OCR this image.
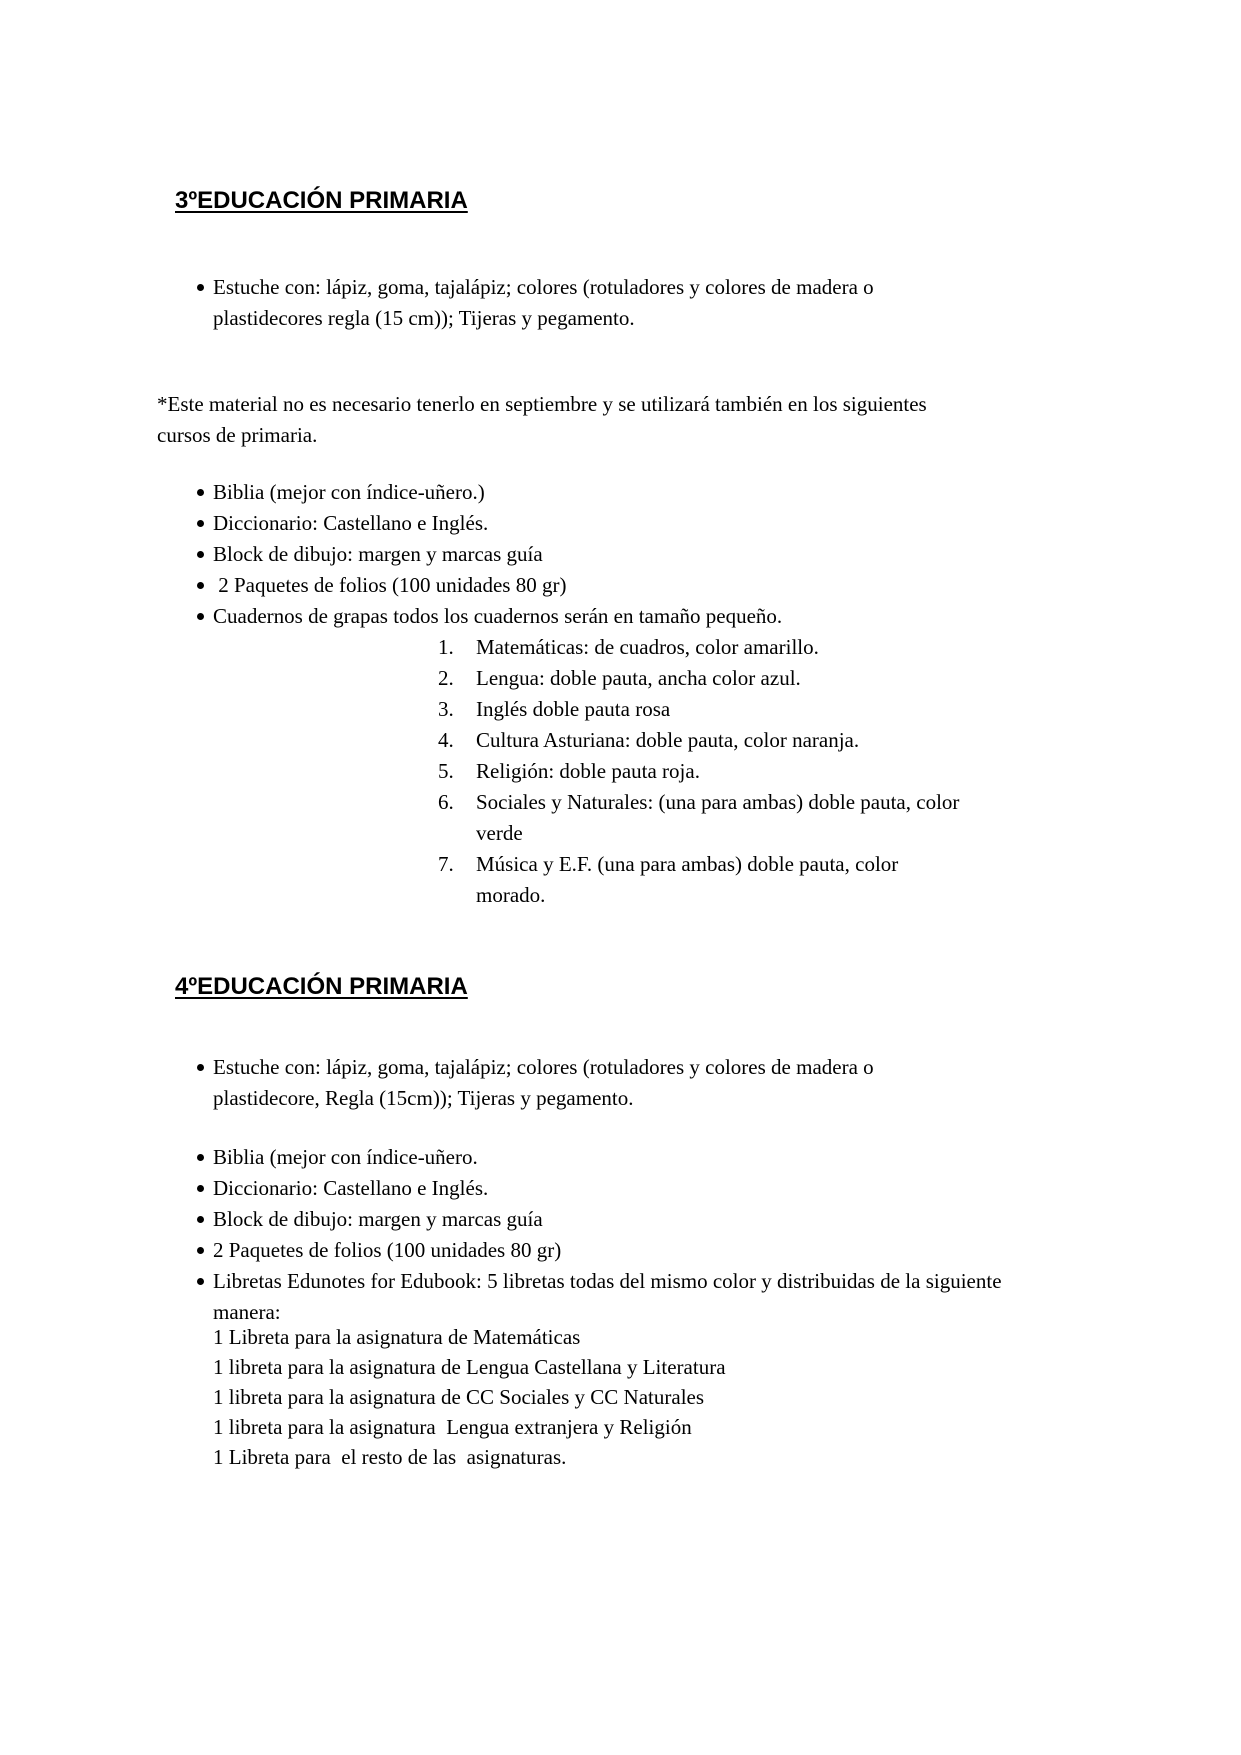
3ºEDUCACIÓN PRIMARIA
Estuche con: lápiz, goma, tajalápiz; colores (rotuladores y colores de madera o
plastidecores regla (15 cm)); Tijeras y pegamento.
*Este material no es necesario tenerlo en septiembre y se utilizará también en los siguientes
cursos de primaria.
Biblia (mejor con índice-uñero.)
Diccionario: Castellano e Inglés.
Block de dibujo: margen y marcas guía
2 Paquetes de folios (100 unidades 80 gr)
Cuadernos de grapas todos los cuadernos serán en tamaño pequeño.
1.	Matemáticas: de cuadros, color amarillo.
2.	Lengua: doble pauta, ancha color azul.
3.	Inglés doble pauta rosa
4.	Cultura Asturiana: doble pauta, color naranja.
5.	Religión: doble pauta roja.
6.	Sociales y Naturales: (una para ambas) doble pauta, color
verde
7.	Música y E.F. (una para ambas) doble pauta, color
morado.
4ºEDUCACIÓN PRIMARIA
Estuche con: lápiz, goma, tajalápiz; colores (rotuladores y colores de madera o
plastidecore, Regla (15cm)); Tijeras y pegamento.
Biblia (mejor con índice-uñero.
Diccionario: Castellano e Inglés.
Block de dibujo: margen y marcas guía
2 Paquetes de folios (100 unidades 80 gr)
Libretas Edunotes for Edubook: 5 libretas todas del mismo color y distribuidas de la siguiente
manera:
1 Libreta para la asignatura de Matemáticas
1 libreta para la asignatura de Lengua Castellana y Literatura
1 libreta para la asignatura de CC Sociales y CC Naturales
1 libreta para la asignatura  Lengua extranjera y Religión
1 Libreta para  el resto de las  asignaturas.
